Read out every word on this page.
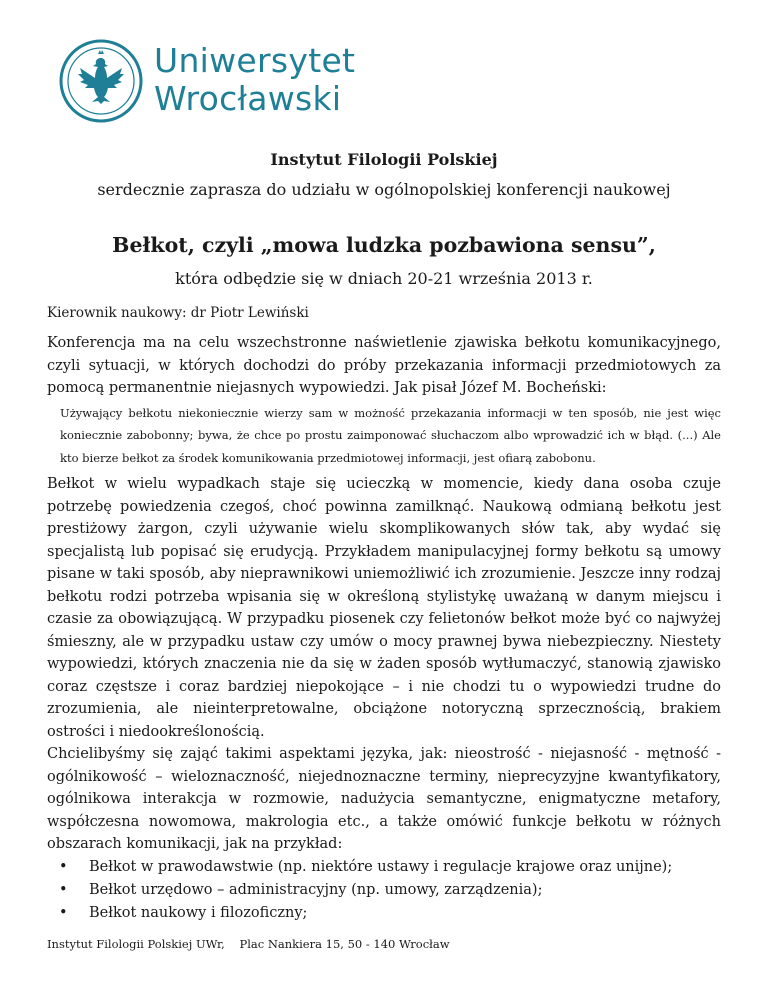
Uniwersytet
Wrocławski

Instytut Filologii Polskiej

serdecznie zaprasza do udziału w ogólnopolskiej konferencji naukowej

Bełkot, czyli „mowa ludzka pozbawiona sensu”,

która odbędzie się w dniach 20-21 września 2013 r.

Kierownik naukowy: dr Piotr Lewiński

Konferencja ma na celu wszechstronne naświetlenie zjawiska bełkotu komunikacyjnego, czyli sytuacji, w których dochodzi do próby przekazania informacji przedmiotowych za pomocą permanentnie niejasnych wypowiedzi. Jak pisał Józef M. Bocheński:

Używający bełkotu niekoniecznie wierzy sam w możność przekazania informacji w ten sposób, nie jest więc koniecznie zabobonny; bywa, że chce po prostu zaimponować słuchaczom albo wprowadzić ich w błąd. (...) Ale kto bierze bełkot za środek komunikowania przedmiotowej informacji, jest ofiarą zabobonu.

Bełkot w wielu wypadkach staje się ucieczką w momencie, kiedy dana osoba czuje potrzebę powiedzenia czegoś, choć powinna zamilknąć. Naukową odmianą bełkotu jest prestiżowy żargon, czyli używanie wielu skomplikowanych słów tak, aby wydać się specjalistą lub popisać się erudycją. Przykładem manipulacyjnej formy bełkotu są umowy pisane w taki sposób, aby nieprawnikowi uniemożliwić ich zrozumienie. Jeszcze inny rodzaj bełkotu rodzi potrzeba wpisania się w określoną stylistykę uważaną w danym miejscu i czasie za obowiązującą. W przypadku piosenek czy felietonów bełkot może być co najwyżej śmieszny, ale w przypadku ustaw czy umów o mocy prawnej bywa niebezpieczny. Niestety wypowiedzi, których znaczenia nie da się w żaden sposób wytłumaczyć, stanowią zjawisko coraz częstsze i coraz bardziej niepokojące – i nie chodzi tu o wypowiedzi trudne do zrozumienia, ale nieinterpretowalne, obciążone notoryczną sprzecznością, brakiem ostrości i niedookreślonością.

Chcielibyśmy się zająć takimi aspektami języka, jak: nieostrość - niejasność - mętność - ogólnikowość – wieloznaczność, niejednoznaczne terminy, nieprecyzyjne kwantyfikatory, ogólnikowa interakcja w rozmowie, nadużycia semantyczne, enigmatyczne metafory, współczesna nowomowa, makrologia etc., a także omówić funkcje bełkotu w różnych obszarach komunikacji, jak na przykład:

• Bełkot w prawodawstwie (np. niektóre ustawy i regulacje krajowe oraz unijne);
• Bełkot urzędowo – administracyjny (np. umowy, zarządzenia);
• Bełkot naukowy i filozoficzny;
Instytut Filologii Polskiej UWr, Plac Nankiera 15, 50 - 140 Wrocław
